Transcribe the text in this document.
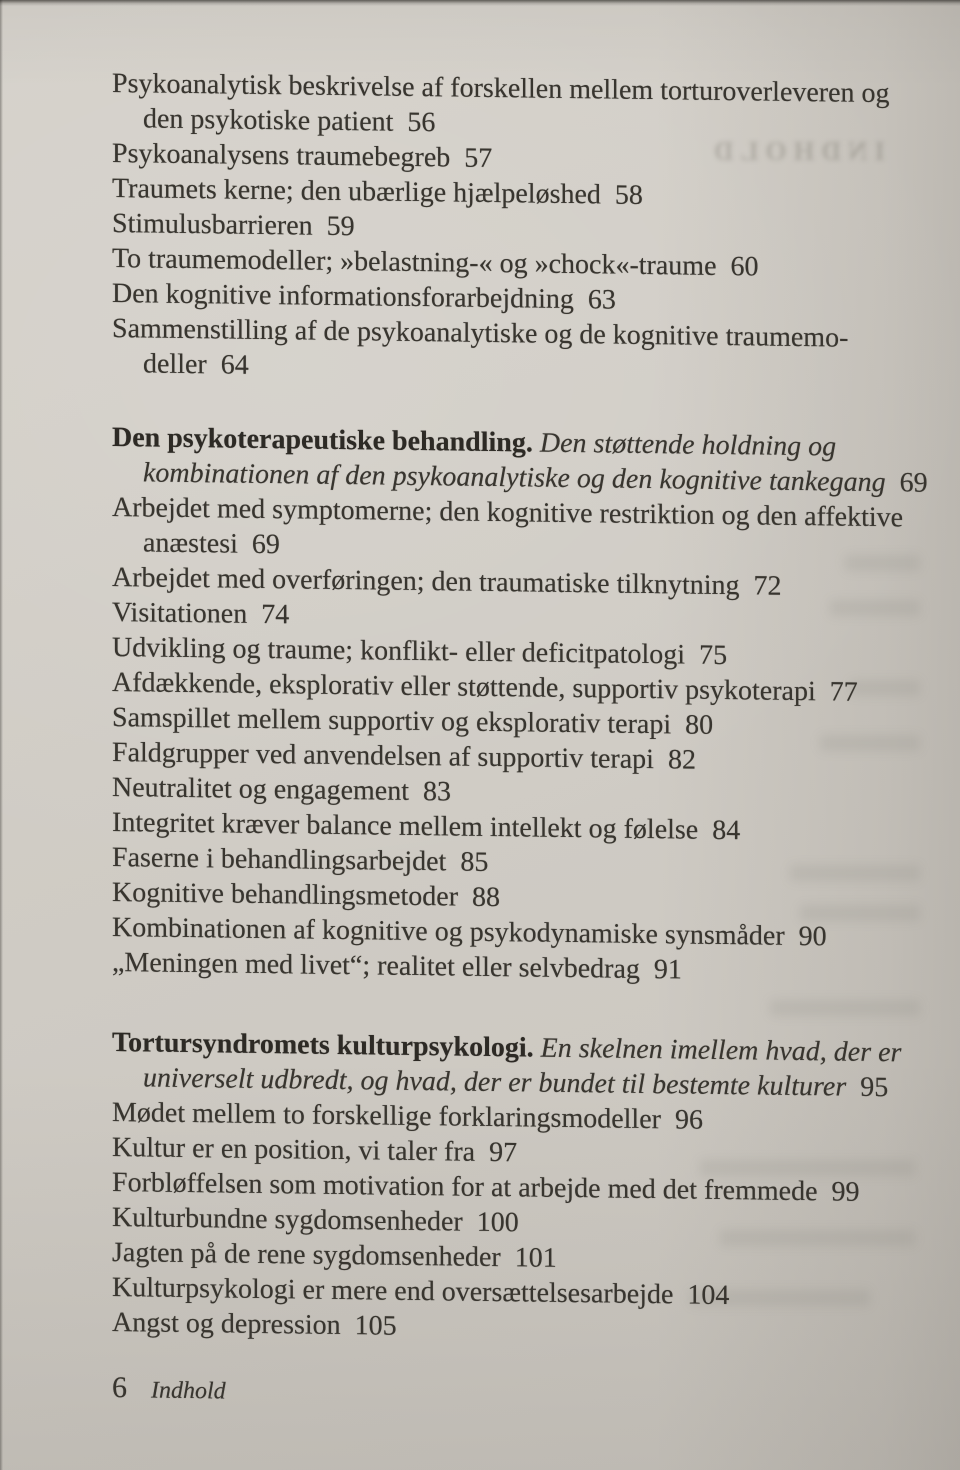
INDHOLD
Psykoanalytisk beskrivelse af forskellen mellem torturoverleveren og
den psykotiske patient 56
Psykoanalysens traumebegreb 57
Traumets kerne; den ubærlige hjælpeløshed 58
Stimulusbarrieren 59
To traumemodeller; »belastning-« og »chock«-traume 60
Den kognitive informationsforarbejdning 63
Sammenstilling af de psykoanalytiske og de kognitive traumemo-
deller 64
Den psykoterapeutiske behandling. Den støttende holdning og
kombinationen af den psykoanalytiske og den kognitive tankegang 69
Arbejdet med symptomerne; den kognitive restriktion og den affektive
anæstesi 69
Arbejdet med overføringen; den traumatiske tilknytning 72
Visitationen 74
Udvikling og traume; konflikt- eller deficitpatologi 75
Afdækkende, eksplorativ eller støttende, supportiv psykoterapi 77
Samspillet mellem supportiv og eksplorativ terapi 80
Faldgrupper ved anvendelsen af supportiv terapi 82
Neutralitet og engagement 83
Integritet kræver balance mellem intellekt og følelse 84
Faserne i behandlingsarbejdet 85
Kognitive behandlingsmetoder 88
Kombinationen af kognitive og psykodynamiske synsmåder 90
„Meningen med livet“; realitet eller selvbedrag 91
Tortursyndromets kulturpsykologi. En skelnen imellem hvad, der er
universelt udbredt, og hvad, der er bundet til bestemte kulturer 95
Mødet mellem to forskellige forklaringsmodeller 96
Kultur er en position, vi taler fra 97
Forbløffelsen som motivation for at arbejde med det fremmede 99
Kulturbundne sygdomsenheder 100
Jagten på de rene sygdomsenheder 101
Kulturpsykologi er mere end oversættelsesarbejde 104
Angst og depression 105
6 Indhold
